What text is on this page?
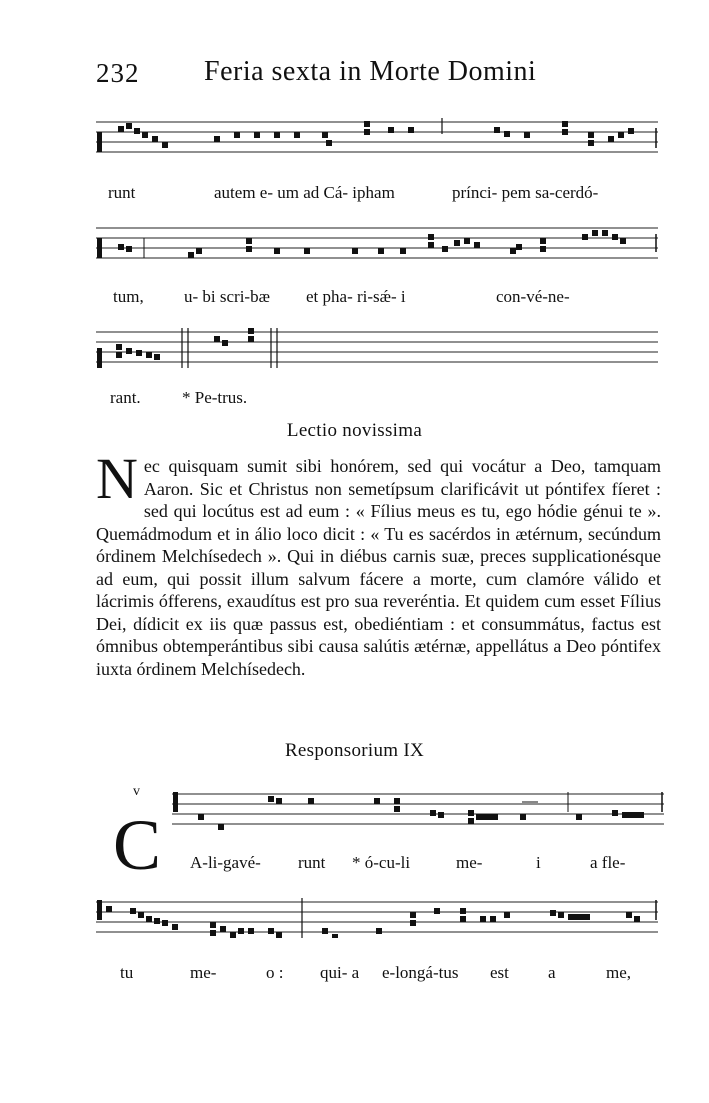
232 Feria sexta in Morte Domini
runt	autem e- um ad Cá- ipham	prínci- pem sa-cerdó-
tum, u- bi scri-bæ et pha- ri-sǽ- i	con-vé-ne-
rant. * Pe-trus.
Lectio novissima
N ec quisquam sumit sibi honórem, sed qui vocátur a Deo, tamquam Aaron. Sic et Christus non semetípsum clarificávit ut póntifex fíeret : sed qui locútus est ad eum : « Fílius meus es tu, ego hódie génui te ». Quemádmodum et in álio loco dicit : « Tu es sacérdos in ætérnum, secúndum órdinem Melchísedech ». Qui in diébus carnis suæ, preces supplicationésque ad eum, qui possit illum salvum fácere a morte, cum clamóre válido et lácrimis ófferens, exaudítus est pro sua reveréntia. Et quidem cum esset Fílius Dei, dídicit ex iis quæ passus est, obediéntiam : et consummátus, factus est ómnibus obtemperántibus sibi causa salútis ætérnæ, appellátus a Deo póntifex iuxta órdinem Melchísedech.

Responsorium IX
v
C A-li-gavé- runt * ó-cu-li	me-	i	a fle-
tu	me-	o : qui- a e-longá-tus est a	me,
